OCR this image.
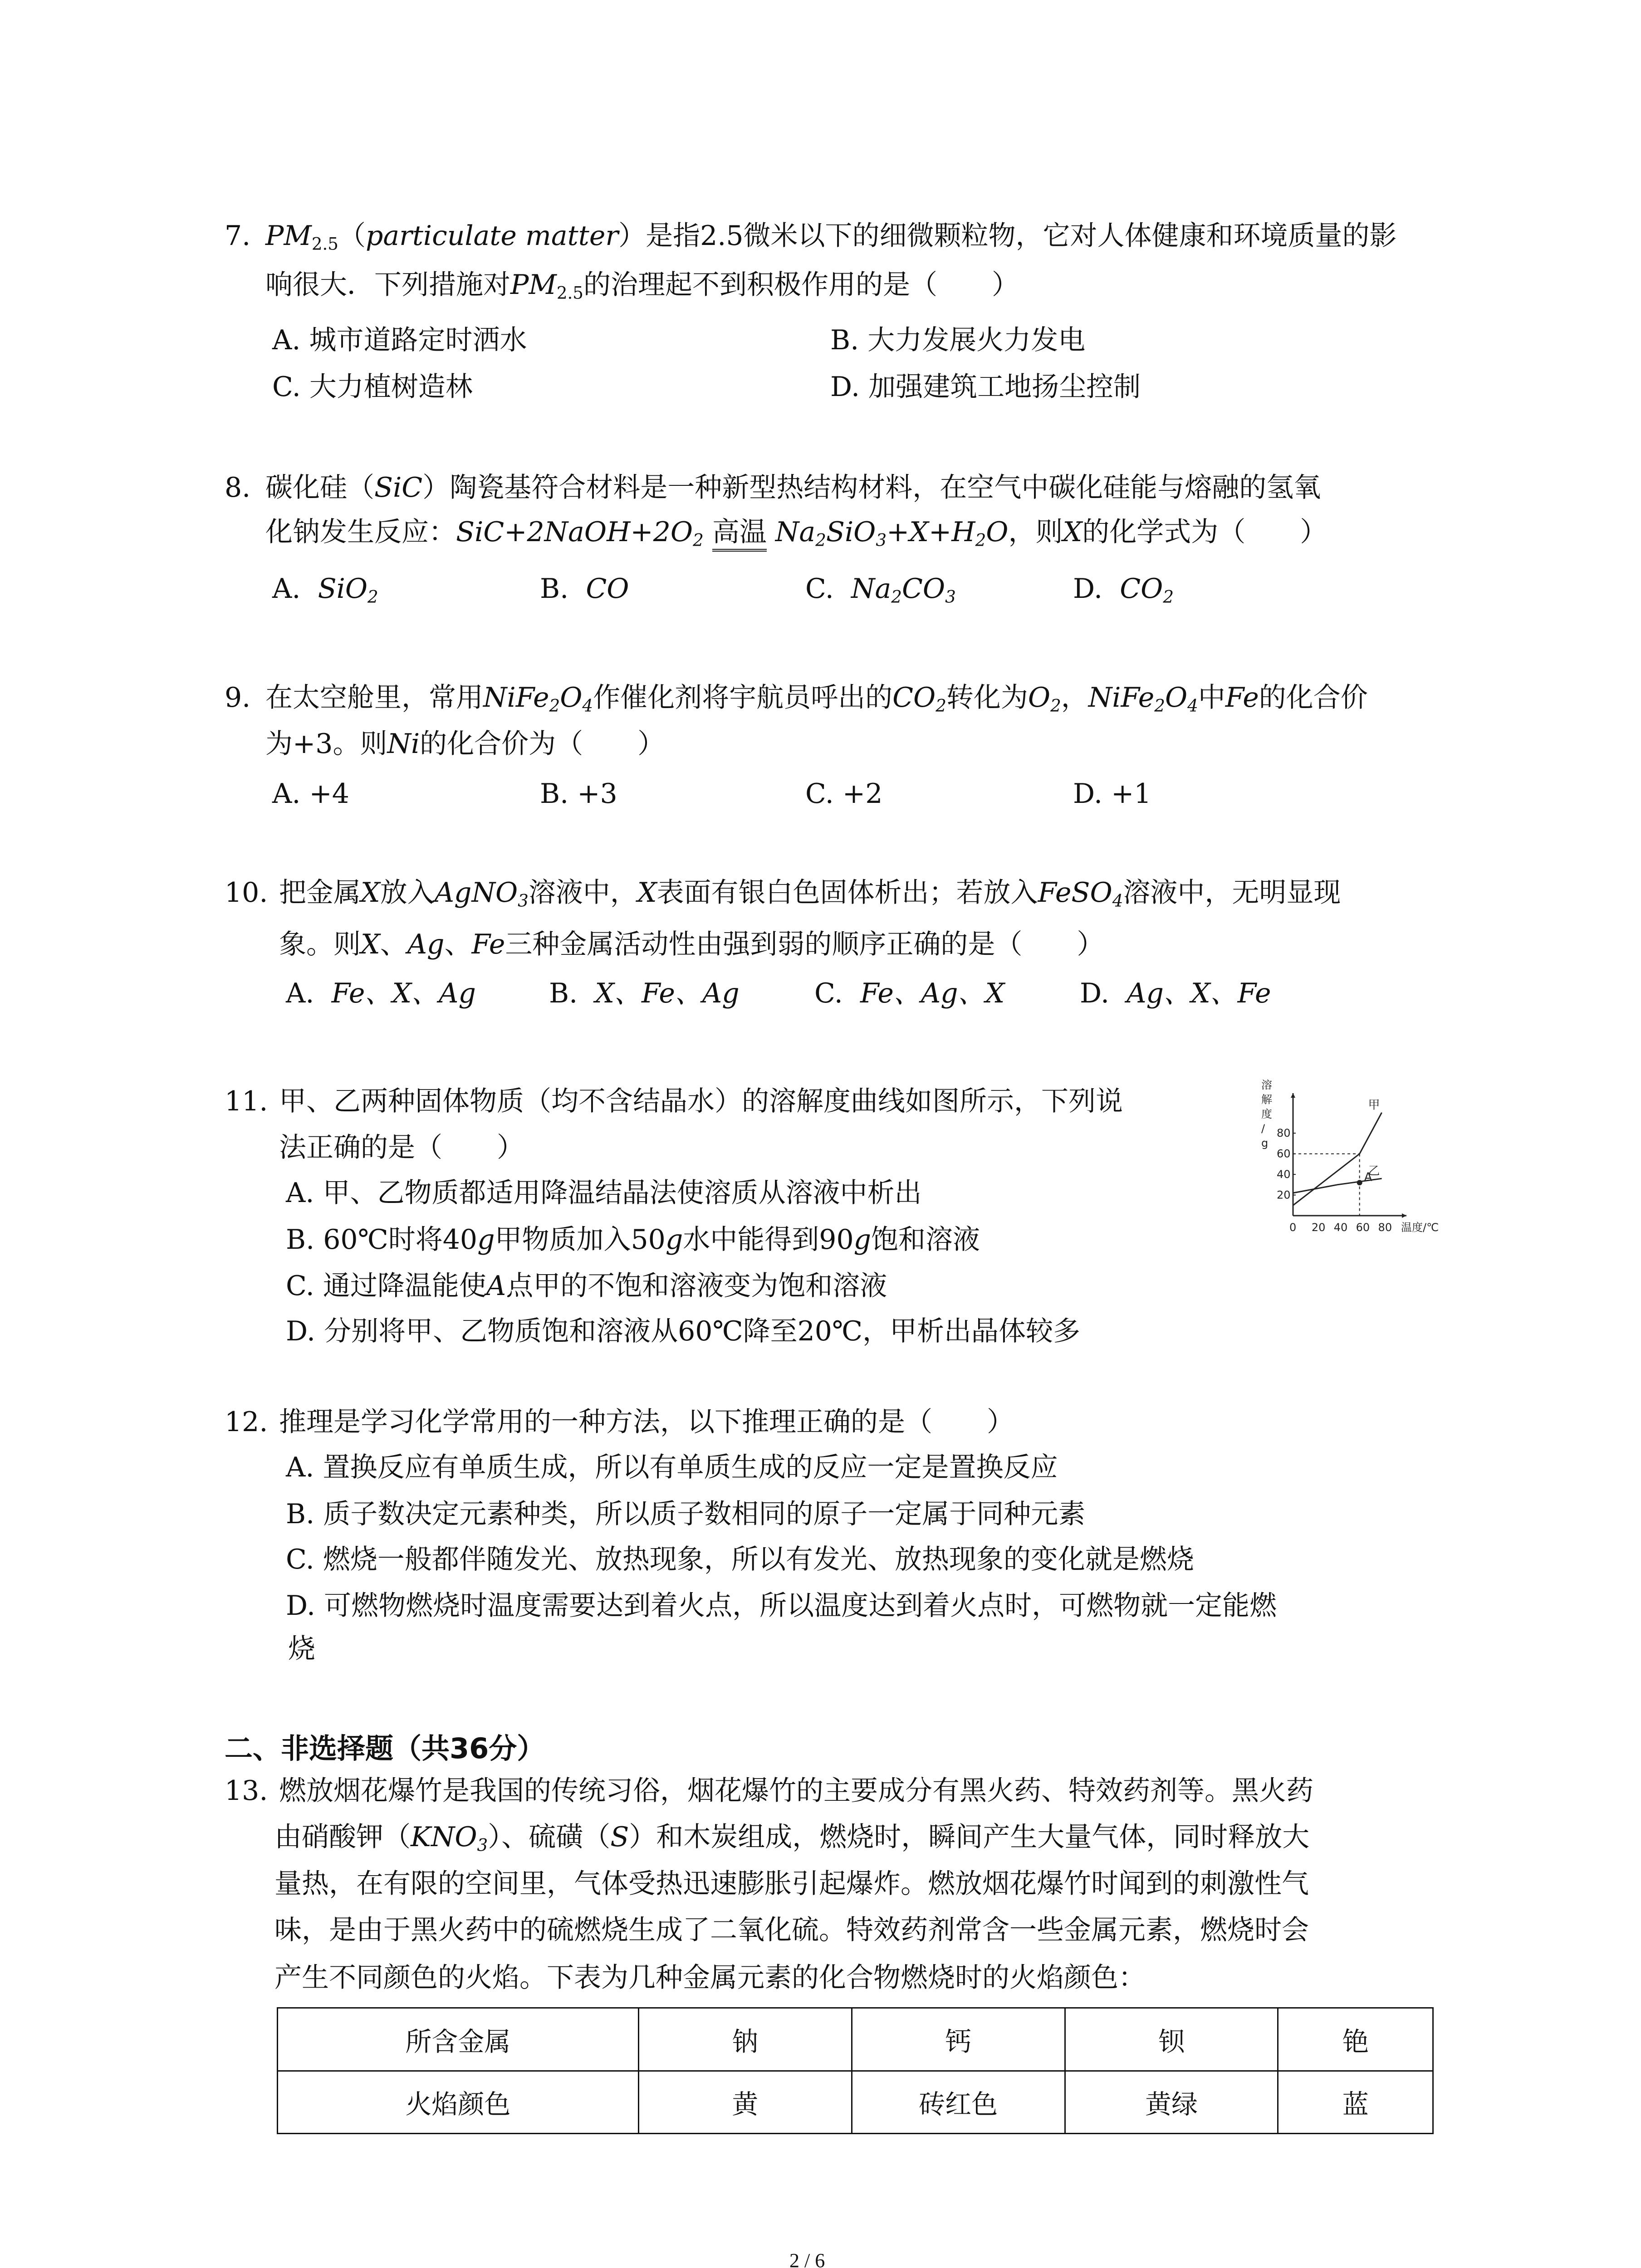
7. $PM_{2.5}(particulate$ matter）是指2.5微米以下的细微颗粒物，它对人体健康和环境质量的影
响很大．下列措施对$PM_{2.5}$的治理起不到积极作用的是（　　）
A. 城市道路定时洒水	B. 大力发展火力发电
C. 大力植树造林	D. 加强建筑工地扬尘控制
8. 碳化硅（SiC）陶瓷基符合材料是一种新型热结构材料，在空气中碳化硅能与熔融的氢氧
化钠发生反应：$SiC+2NaOH+2O_2$ 高温 $Na_2SiO_3+X+H_2O$，则X的化学式为（　　）
A. SiO$_2$	B. CO	C. $Na_2CO_3$	D. $CO_2$
9. 在太空舱里，常用$NiFe_2O_4$作催化剂将宇航员呼出的$CO_2$转化为$O_2$，$NiFe_2O_4$中Fe的化合价
为+3。则Ni的化合价为（　　）
A. +4	B. +3	C. +2	D. +1
10. 把金属X放入AgNO$_3$溶液中，X表面有银白色固体析出；若放入FeSO$_4$溶液中，无明显现
象。则X、Ag、Fe三种金属活动性由强到弱的顺序正确的是（　　）
A. Fe、X、Ag	B. X、Fe、Ag	C. Fe、Ag、X	D. Ag、X、Fe
11. 甲、乙两种固体物质（均不含结晶水）的溶解度曲线如图所示，下列说
法正确的是（　　）
A. 甲、乙物质都适用降温结晶法使溶质从溶液中析出
B. 60℃时将40g甲物质加入50g水中能得到90g饱和溶液
C. 通过降温能使A点甲的不饱和溶液变为饱和溶液
D. 分别将甲、乙物质饱和溶液从60℃降至20℃，甲析出晶体较多
溶
解
度
/
g
温度/℃
0 20 40 60 80
20
40
60
80
甲
乙
A
12. 推理是学习化学常用的一种方法，以下推理正确的是（　　）
A. 置换反应有单质生成，所以有单质生成的反应一定是置换反应
B. 质子数决定元素种类，所以质子数相同的原子一定属于同种元素
C. 燃烧一般都伴随发光、放热现象，所以有发光、放热现象的变化就是燃烧
D. 可燃物燃烧时温度需要达到着火点，所以温度达到着火点时，可燃物就一定能燃
烧
二、非选择题（共36分）
13. 燃放烟花爆竹是我国的传统习俗，烟花爆竹的主要成分有黑火药、特效药剂等。黑火药
由硝酸钾$(KNO_3)$、硫磺（S）和木炭组成，燃烧时，瞬间产生大量气体，同时释放大
量热，在有限的空间里，气体受热迅速膨胀引起爆炸。燃放烟花爆竹时闻到的刺激性气
味，是由于黑火药中的硫燃烧生成了二氧化硫。特效药剂常含一些金属元素，燃烧时会
产生不同颜色的火焰。下表为几种金属元素的化合物燃烧时的火焰颜色：
所含金属	钠	钙	钡	铯
火焰颜色	黄	砖红色	黄绿	蓝
2 / 6
